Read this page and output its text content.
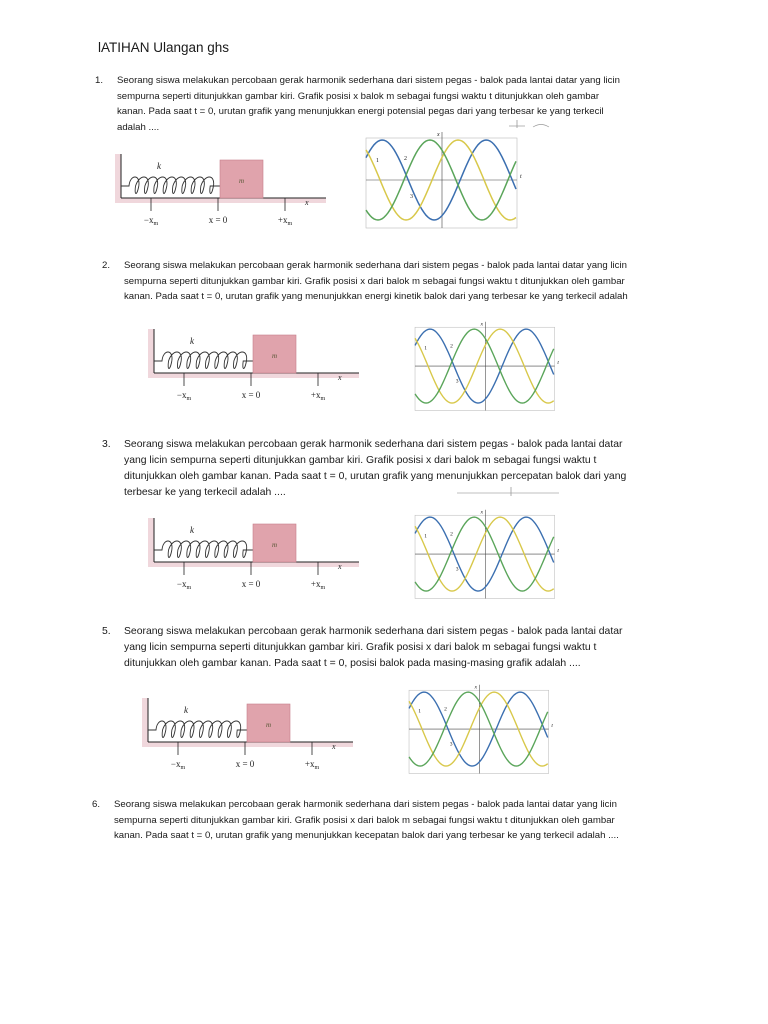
lATIHAN Ulangan ghs
1. Seorang siswa melakukan percobaan gerak harmonik sederhana dari sistem pegas - balok pada lantai datar yang licin
sempurna seperti ditunjukkan gambar kiri. Grafik posisi x balok m sebagai fungsi waktu t ditunjukkan oleh gambar
kanan. Pada saat t = 0, urutan grafik yang menunjukkan energi potensial pegas dari yang terbesar ke yang terkecil
adalah ....
2. Seorang siswa melakukan percobaan gerak harmonik sederhana dari sistem pegas - balok pada lantai datar yang licin
sempurna seperti ditunjukkan gambar kiri. Grafik posisi x dari balok m sebagai fungsi waktu t ditunjukkan oleh gambar
kanan. Pada saat t = 0, urutan grafik yang menunjukkan energi kinetik balok dari yang terbesar ke yang terkecil adalah
3. Seorang siswa melakukan percobaan gerak harmonik sederhana dari sistem pegas - balok pada lantai datar
yang licin sempurna seperti ditunjukkan gambar kiri. Grafik posisi x dari balok m sebagai fungsi waktu t
ditunjukkan oleh gambar kanan. Pada saat t = 0, urutan grafik yang menunjukkan percepatan balok dari yang
terbesar ke yang terkecil adalah ....
5. Seorang siswa melakukan percobaan gerak harmonik sederhana dari sistem pegas - balok pada lantai datar
yang licin sempurna seperti ditunjukkan gambar kiri. Grafik posisi x dari balok m sebagai fungsi waktu t
ditunjukkan oleh gambar kanan. Pada saat t = 0, posisi balok pada masing-masing grafik adalah ....
6. Seorang siswa melakukan percobaan gerak harmonik sederhana dari sistem pegas - balok pada lantai datar yang licin
sempurna seperti ditunjukkan gambar kiri. Grafik posisi x dari balok m sebagai fungsi waktu t ditunjukkan oleh gambar
kanan. Pada saat t = 0, urutan grafik yang menunjukkan kecepatan balok dari yang terbesar ke yang terkecil adalah ....
k
m
$-x_m$	x = 0	$+x_m$
x
k
m
$-x_m$	x = 0	$+x_m$
x
k
m
$-x_m$	x = 0	$+x_m$
x
k
m
$-x_m$	x = 0	$+x_m$
x
x
t
1	2
3
x
t
1	2
3
x
t
1	2
3
x
t
1	2
3
